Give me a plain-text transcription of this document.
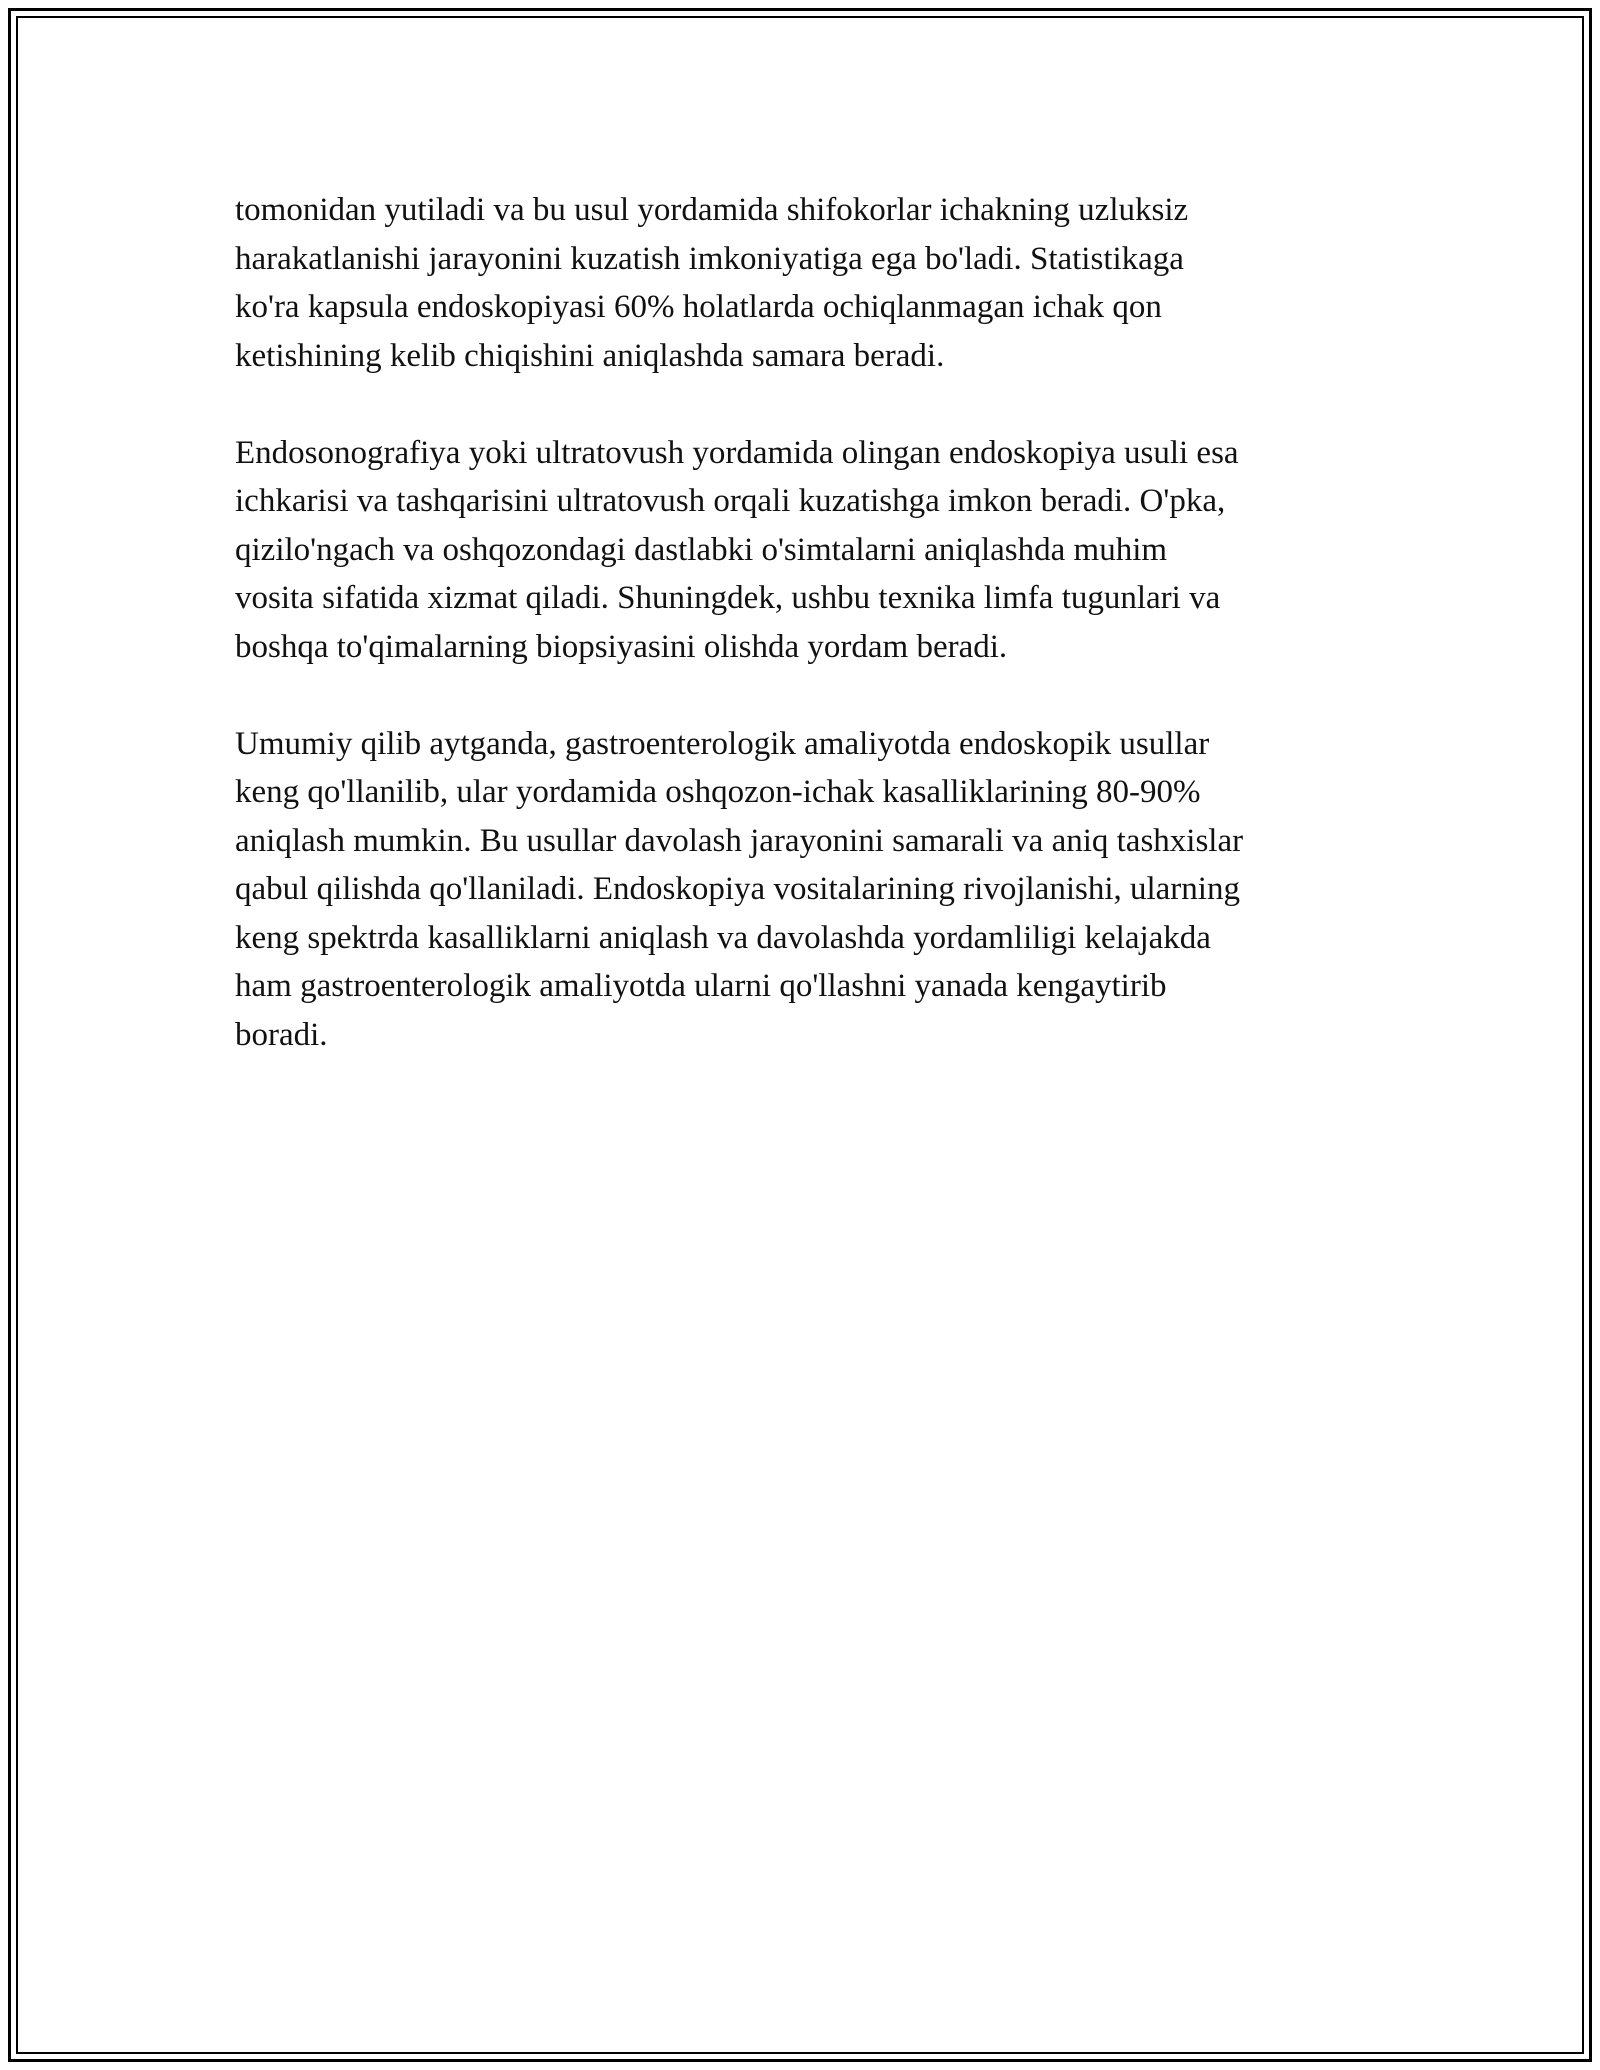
tomonidan yutiladi va bu usul yordamida shifokorlar ichakning uzluksiz
harakatlanishi jarayonini kuzatish imkoniyatiga ega bo'ladi. Statistikaga
ko'ra kapsula endoskopiyasi 60% holatlarda ochiqlanmagan ichak qon
ketishining kelib chiqishini aniqlashda samara beradi.

Endosonografiya yoki ultratovush yordamida olingan endoskopiya usuli esa
ichkarisi va tashqarisini ultratovush orqali kuzatishga imkon beradi. O'pka,
qizilo'ngach va oshqozondagi dastlabki o'simtalarni aniqlashda muhim
vosita sifatida xizmat qiladi. Shuningdek, ushbu texnika limfa tugunlari va
boshqa to'qimalarning biopsiyasini olishda yordam beradi.

Umumiy qilib aytganda, gastroenterologik amaliyotda endoskopik usullar
keng qo'llanilib, ular yordamida oshqozon-ichak kasalliklarining 80-90%
aniqlash mumkin. Bu usullar davolash jarayonini samarali va aniq tashxislar
qabul qilishda qo'llaniladi. Endoskopiya vositalarining rivojlanishi, ularning
keng spektrda kasalliklarni aniqlash va davolashda yordamliligi kelajakda
ham gastroenterologik amaliyotda ularni qo'llashni yanada kengaytirib
boradi.
